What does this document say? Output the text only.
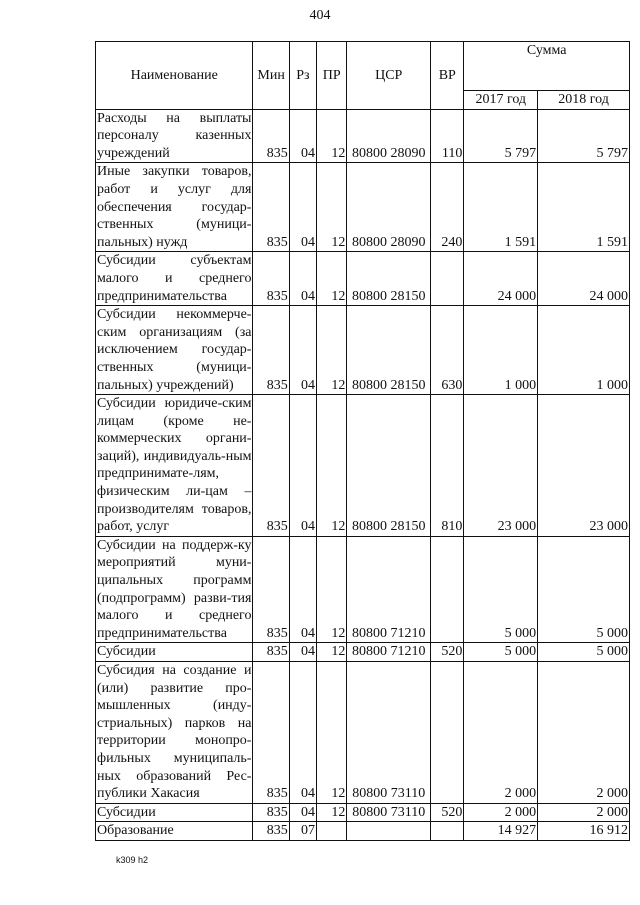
404
Наименование	Мин	Рз	ПР	ЦСР	ВР	Сумма	
						2017 год	2018 год
Расходы на выплаты персоналу казенных учреждений	835	04	12	80800 28090	110	5 797	5 797
Иные закупки товаров, работ и услуг для обеспечения государ-ственных (муници-пальных) нужд	835	04	12	80800 28090	240	1 591	1 591
Субсидии субъектам малого и среднего предпринимательства	835	04	12	80800 28150		24 000	24 000
Субсидии некоммерче-ским организациям (за исключением государ-ственных (муници-пальных) учреждений)	835	04	12	80800 28150	630	1 000	1 000
Субсидии юридиче-ским лицам (кроме не-коммерческих органи-заций), индивидуаль-ным предпринимате-лям, физическим ли-цам – производителям товаров, работ, услуг	835	04	12	80800 28150	810	23 000	23 000
Субсидии на поддерж-ку мероприятий муни-ципальных программ (подпрограмм) разви-тия малого и среднего предпринимательства	835	04	12	80800 71210		5 000	5 000
Субсидии	835	04	12	80800 71210	520	5 000	5 000
Субсидия на создание и (или) развитие про-мышленных (инду-стриальных) парков на территории монопро-фильных муниципаль-ных образований Рес-публики Хакасия	835	04	12	80800 73110		2 000	2 000
Субсидии	835	04	12	80800 73110	520	2 000	2 000
Образование	835	07				14 927	16 912
k309 h2
